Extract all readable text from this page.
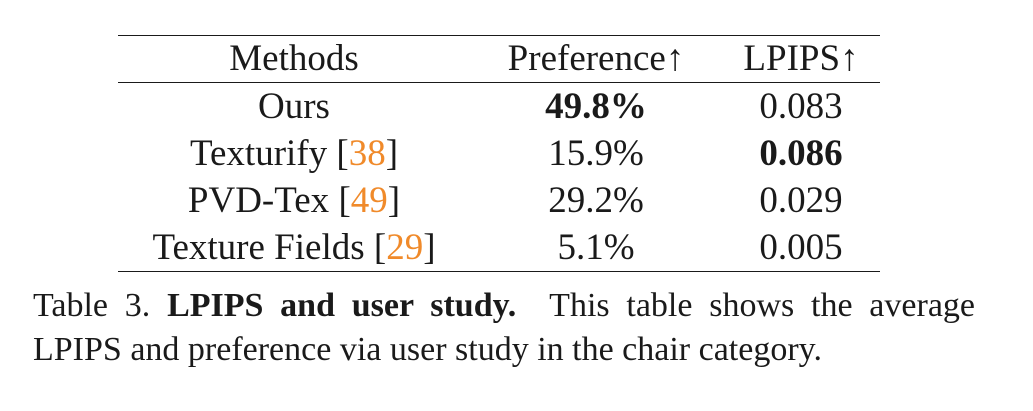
Methods	Preference↑	LPIPS↑
Ours	49.8%	0.083
Texturify [38]	15.9%	0.086
PVD-Tex [49]	29.2%	0.029
Texture Fields [29]	5.1%	0.005
Table 3. LPIPS and user study. This table shows the average LPIPS and preference via user study in the chair category.
